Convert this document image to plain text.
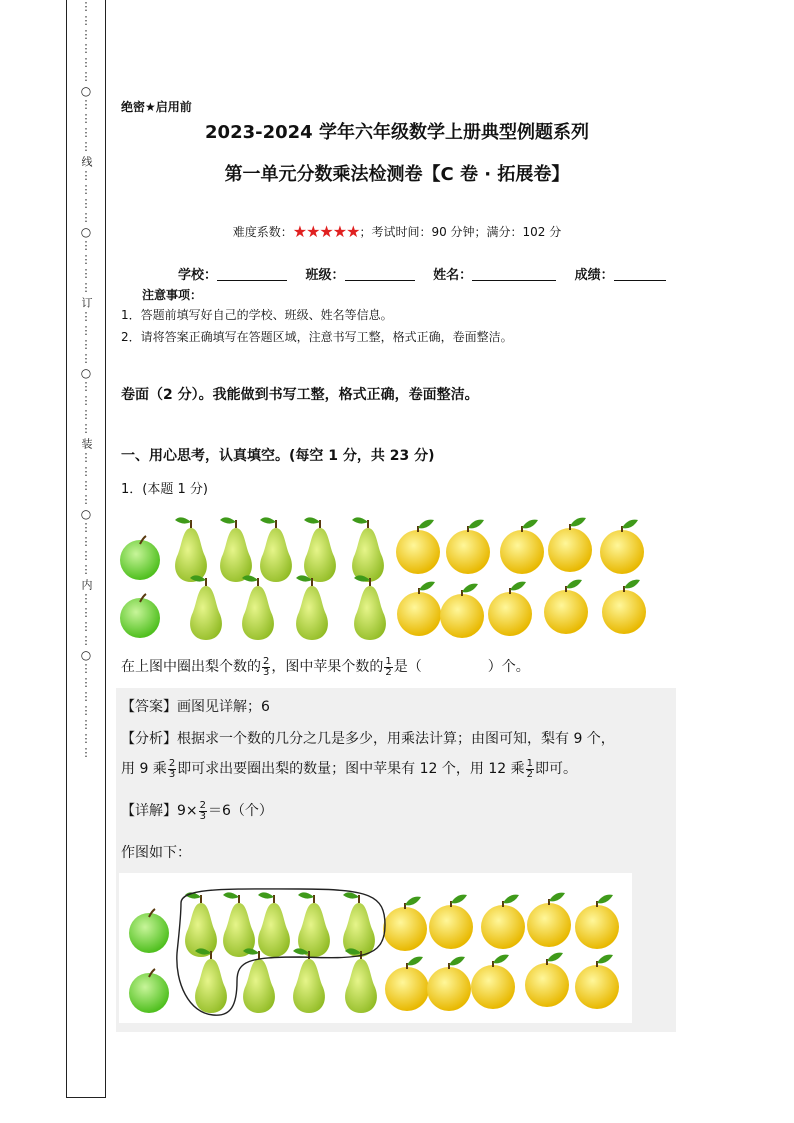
⋮
⋮
⋮
⋮
⋮
⋮
○
⋮
⋮
⋮
⋮
线
⋮
⋮
⋮
⋮
○
⋮
⋮
⋮
⋮
订
⋮
⋮
⋮
⋮
○
⋮
⋮
⋮
⋮
装
⋮
⋮
⋮
⋮
○
⋮
⋮
⋮
⋮
内
⋮
⋮
⋮
⋮
○
⋮
⋮
⋮
⋮
⋮
⋮
⋮
绝密★启用前
2023-2024 学年六年级数学上册典型例题系列
第一单元分数乘法检测卷【C 卷 · 拓展卷】
难度系数：★★★★★；考试时间：90 分钟；满分：102 分
学校：	班级：	姓名：	成绩：
注意事项：
1．答题前填写好自己的学校、班级、姓名等信息。
2．请将答案正确填写在答题区域，注意书写工整，格式正确，卷面整洁。
卷面（2 分）。我能做到书写工整，格式正确，卷面整洁。
一、用心思考，认真填空。(每空 1 分，共 23 分)
1．(本题 1 分)
在上图中圈出梨个数的 $\frac{2}{3}$ ，图中苹果个数的 $\frac{1}{2}$ 是（	）个。
【答案】画图见详解；6
【分析】根据求一个数的几分之几是多少，用乘法计算；由图可知，梨有 9 个，
用 9 乘 $\frac{2}{3}$ 即可求出要圈出梨的数量；图中苹果有 12 个，用 12 乘 $\frac{1}{2}$ 即可。
【详解】$9\times \frac{2}{3} =6$（个）
作图如下：
